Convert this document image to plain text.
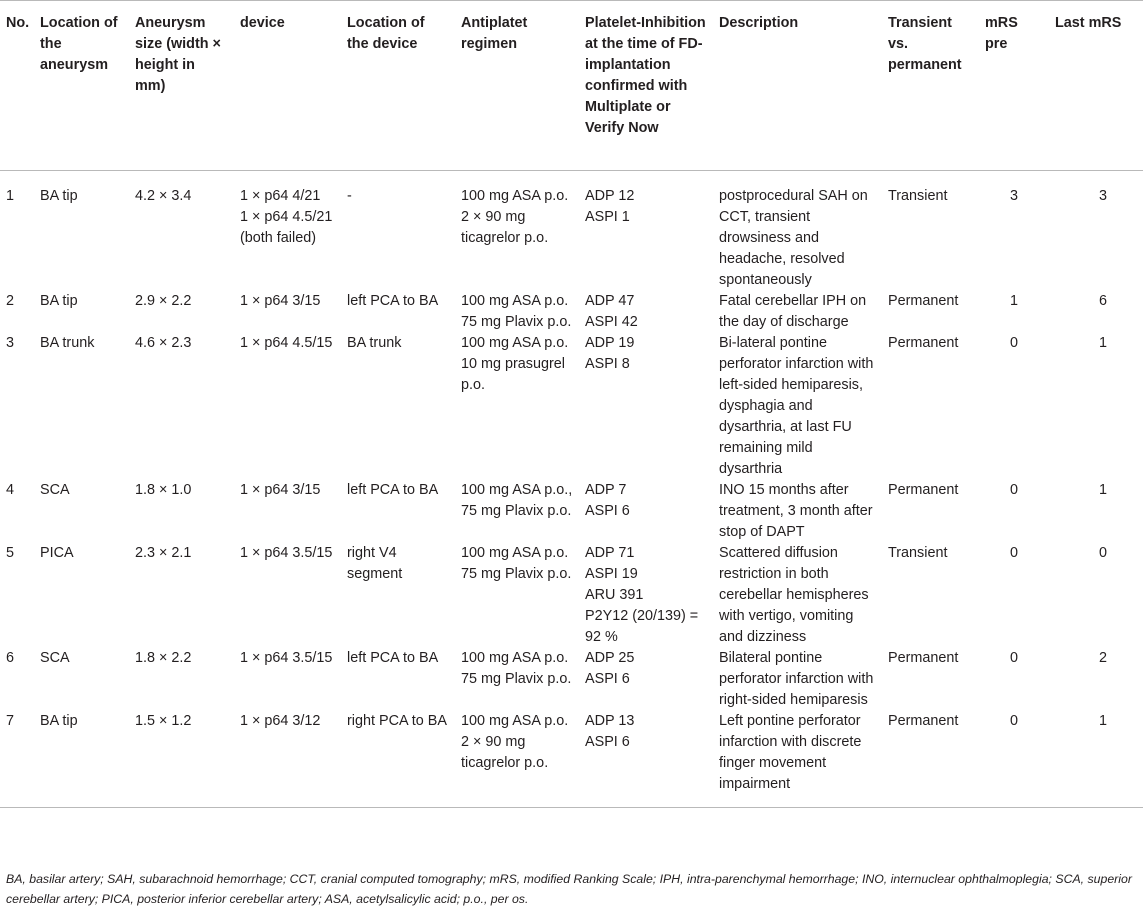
No.	Location of the aneurysm	Aneurysm size (width × height in mm)	device	Location of the device	Antiplatet regimen	Platelet-Inhibition at the time of FD-implantation confirmed with Multiplate or Verify Now	Description	Transient vs. permanent	mRS pre	Last mRS
1	BA tip	4.2 × 3.4	1 × p64 4/21
1 × p64 4.5/21
(both failed)	-	100 mg ASA p.o. 2 × 90 mg ticagrelor p.o.	ADP 12
ASPI 1	postprocedural SAH on CCT, transient drowsiness and headache, resolved spontaneously	Transient	3	3
2	BA tip	2.9 × 2.2	1 × p64 3/15	left PCA to BA	100 mg ASA p.o. 75 mg Plavix p.o.	ADP 47
ASPI 42	Fatal cerebellar IPH on the day of discharge	Permanent	1	6
3	BA trunk	4.6 × 2.3	1 × p64 4.5/15	BA trunk	100 mg ASA p.o. 10 mg prasugrel p.o.	ADP 19
ASPI 8	Bi-lateral pontine perforator infarction with left-sided hemiparesis, dysphagia and dysarthria, at last FU remaining mild dysarthria	Permanent	0	1
4	SCA	1.8 × 1.0	1 × p64 3/15	left PCA to BA	100 mg ASA p.o., 75 mg Plavix p.o.	ADP 7
ASPI 6	INO 15 months after treatment, 3 month after stop of DAPT	Permanent	0	1
5	PICA	2.3 × 2.1	1 × p64 3.5/15	right V4 segment	100 mg ASA p.o. 75 mg Plavix p.o.	ADP 71
ASPI 19
ARU 391
P2Y12 (20/139) = 92 %	Scattered diffusion restriction in both cerebellar hemispheres with vertigo, vomiting and dizziness	Transient	0	0
6	SCA	1.8 × 2.2	1 × p64 3.5/15	left PCA to BA	100 mg ASA p.o. 75 mg Plavix p.o.	ADP 25
ASPI 6	Bilateral pontine perforator infarction with right-sided hemiparesis	Permanent	0	2
7	BA tip	1.5 × 1.2	1 × p64 3/12	right PCA to BA	100 mg ASA p.o. 2 × 90 mg ticagrelor p.o.	ADP 13
ASPI 6	Left pontine perforator infarction with discrete finger movement impairment	Permanent	0	1
BA, basilar artery; SAH, subarachnoid hemorrhage; CCT, cranial computed tomography; mRS, modified Ranking Scale; IPH, intra-parenchymal hemorrhage; INO, internuclear ophthalmoplegia; SCA, superior cerebellar artery; PICA, posterior inferior cerebellar artery; ASA, acetylsalicylic acid; p.o., per os.
